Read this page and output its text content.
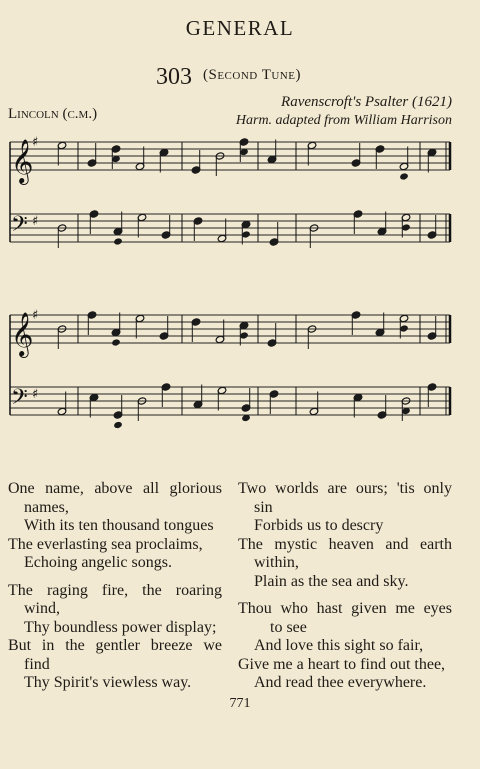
GENERAL
303 (Second Tune)
Lincoln (c.m.)
Ravenscroft's Psalter (1621)
Harm. adapted from William Harrison
𝄞
♯
𝄢 ♯
𝄞
♯
𝄢 ♯
One name, above all glorious
names,
With its ten thousand tongues
The everlasting sea proclaims,
Echoing angelic songs.
The raging fire, the roaring
wind,
Thy boundless power display;
But in the gentler breeze we
find
Thy Spirit's viewless way.
Two worlds are ours; 'tis only
sin
Forbids us to descry
The mystic heaven and earth
within,
Plain as the sea and sky.
Thou who hast given me eyes
to see
And love this sight so fair,
Give me a heart to find out thee,
And read thee everywhere.
771
